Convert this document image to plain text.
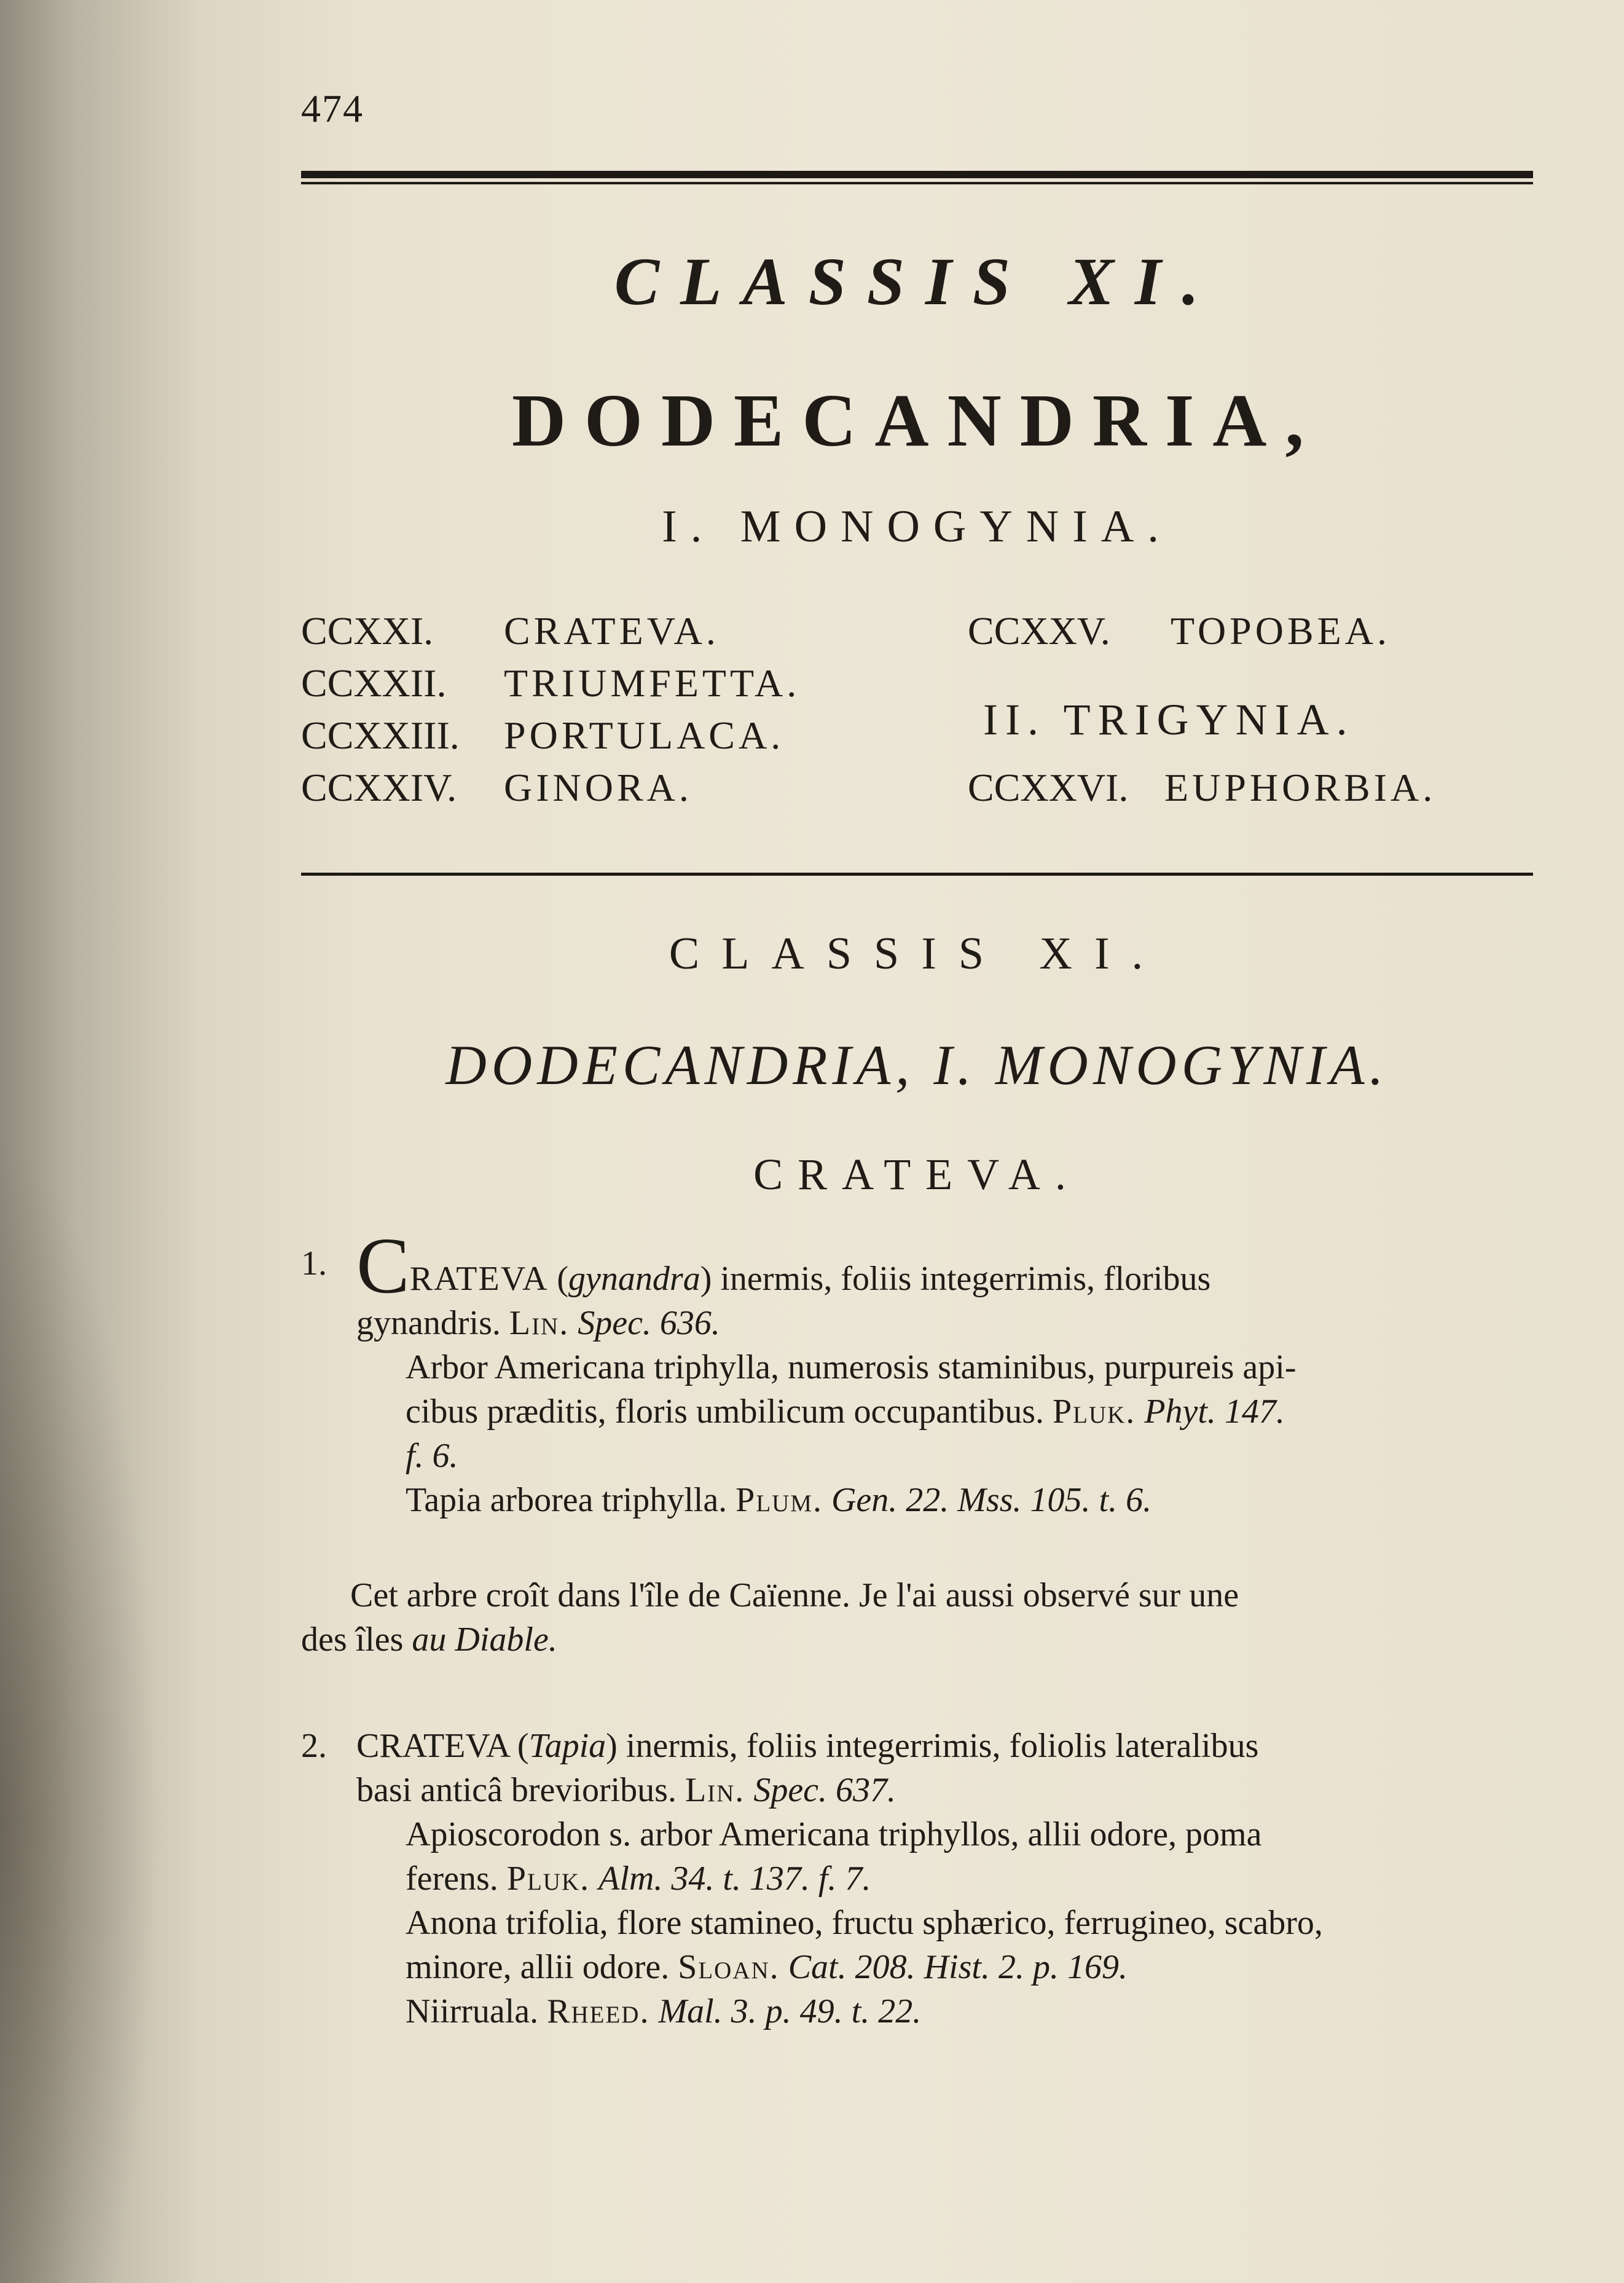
474
CLASSIS XI.
DODECANDRIA,
I. MONOGYNIA.
CCXXI. CRATEVA.
CCXXII. TRIUMFETTA.
CCXXIII. PORTULACA.
CCXXIV. GINORA.
CCXXV. TOPOBEA.
II. TRIGYNIA.
CCXXVI. EUPHORBIA.
CLASSIS XI.
DODECANDRIA, I. MONOGYNIA.
CRATEVA.
1. CRATEVA (gynandra) inermis, foliis integerrimis, floribus

gynandris. Lin. Spec. 636.

Arbor Americana triphylla, numerosis staminibus, purpureis api-

cibus præditis, floris umbilicum occupantibus. Pluk. Phyt. 147.

f. 6.

Tapia arborea triphylla. Plum. Gen. 22. Mss. 105. t. 6.

Cet arbre croît dans l'île de Caïenne. Je l'ai aussi observé sur une

des îles au Diable.

2. CRATEVA (Tapia) inermis, foliis integerrimis, foliolis lateralibus

basi anticâ brevioribus. Lin. Spec. 637.

Apioscorodon s. arbor Americana triphyllos, allii odore, poma

ferens. Pluk. Alm. 34. t. 137. f. 7.

Anona trifolia, flore stamineo, fructu sphærico, ferrugineo, scabro,

minore, allii odore. Sloan. Cat. 208. Hist. 2. p. 169.

Niirruala. Rheed. Mal. 3. p. 49. t. 22.
